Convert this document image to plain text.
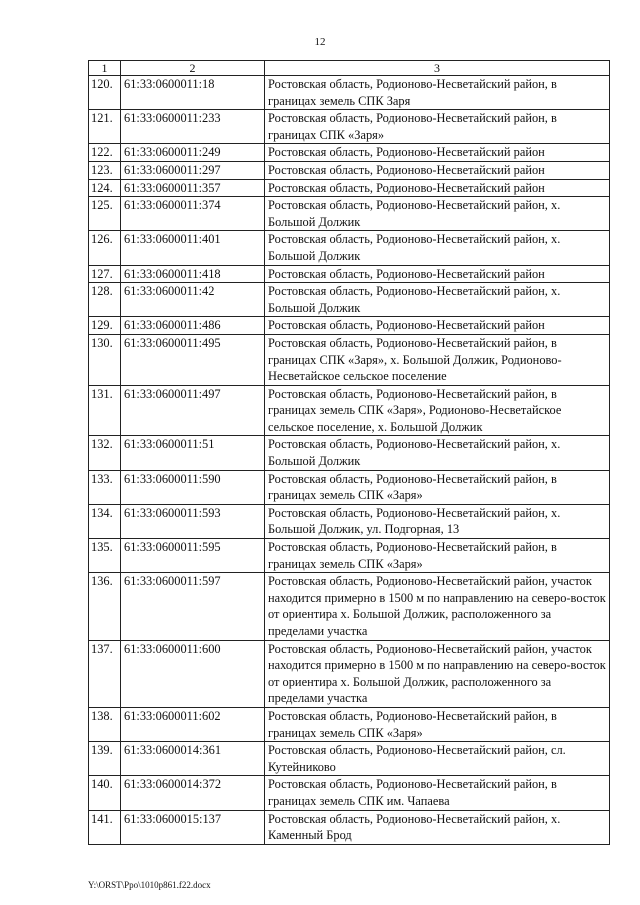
12
1	2	3
120.	61:33:0600011:18	Ростовская область, Родионово-Несветайский район, в границах земель СПК Заря
121.	61:33:0600011:233	Ростовская область, Родионово-Несветайский район, в границах СПК «Заря»
122.	61:33:0600011:249	Ростовская область, Родионово-Несветайский район
123.	61:33:0600011:297	Ростовская область, Родионово-Несветайский район
124.	61:33:0600011:357	Ростовская область, Родионово-Несветайский район
125.	61:33:0600011:374	Ростовская область, Родионово-Несветайский район, х. Большой Должик
126.	61:33:0600011:401	Ростовская область, Родионово-Несветайский район, х. Большой Должик
127.	61:33:0600011:418	Ростовская область, Родионово-Несветайский район
128.	61:33:0600011:42	Ростовская область, Родионово-Несветайский район, х. Большой Должик
129.	61:33:0600011:486	Ростовская область, Родионово-Несветайский район
130.	61:33:0600011:495	Ростовская область, Родионово-Несветайский район, в границах СПК «Заря», х. Большой Должик, Родионово-Несветайское сельское поселение
131.	61:33:0600011:497	Ростовская область, Родионово-Несветайский район, в границах земель СПК «Заря», Родионово-Несветайское сельское поселение, х. Большой Должик
132.	61:33:0600011:51	Ростовская область, Родионово-Несветайский район, х. Большой Должик
133.	61:33:0600011:590	Ростовская область, Родионово-Несветайский район, в границах земель СПК «Заря»
134.	61:33:0600011:593	Ростовская область, Родионово-Несветайский район, х. Большой Должик, ул. Подгорная, 13
135.	61:33:0600011:595	Ростовская область, Родионово-Несветайский район, в границах земель СПК «Заря»
136.	61:33:0600011:597	Ростовская область, Родионово-Несветайский район, участок находится примерно в 1500 м по направлению на северо-восток от ориентира х. Большой Должик, расположенного за пределами участка
137.	61:33:0600011:600	Ростовская область, Родионово-Несветайский район, участок находится примерно в 1500 м по направлению на северо-восток от ориентира х. Большой Должик, расположенного за пределами участка
138.	61:33:0600011:602	Ростовская область, Родионово-Несветайский район, в границах земель СПК «Заря»
139.	61:33:0600014:361	Ростовская область, Родионово-Несветайский район, сл. Кутейниково
140.	61:33:0600014:372	Ростовская область, Родионово-Несветайский район, в границах земель СПК им. Чапаева
141.	61:33:0600015:137	Ростовская область, Родионово-Несветайский район, х. Каменный Брод
Y:\ORST\Ppo\1010p861.f22.docx
